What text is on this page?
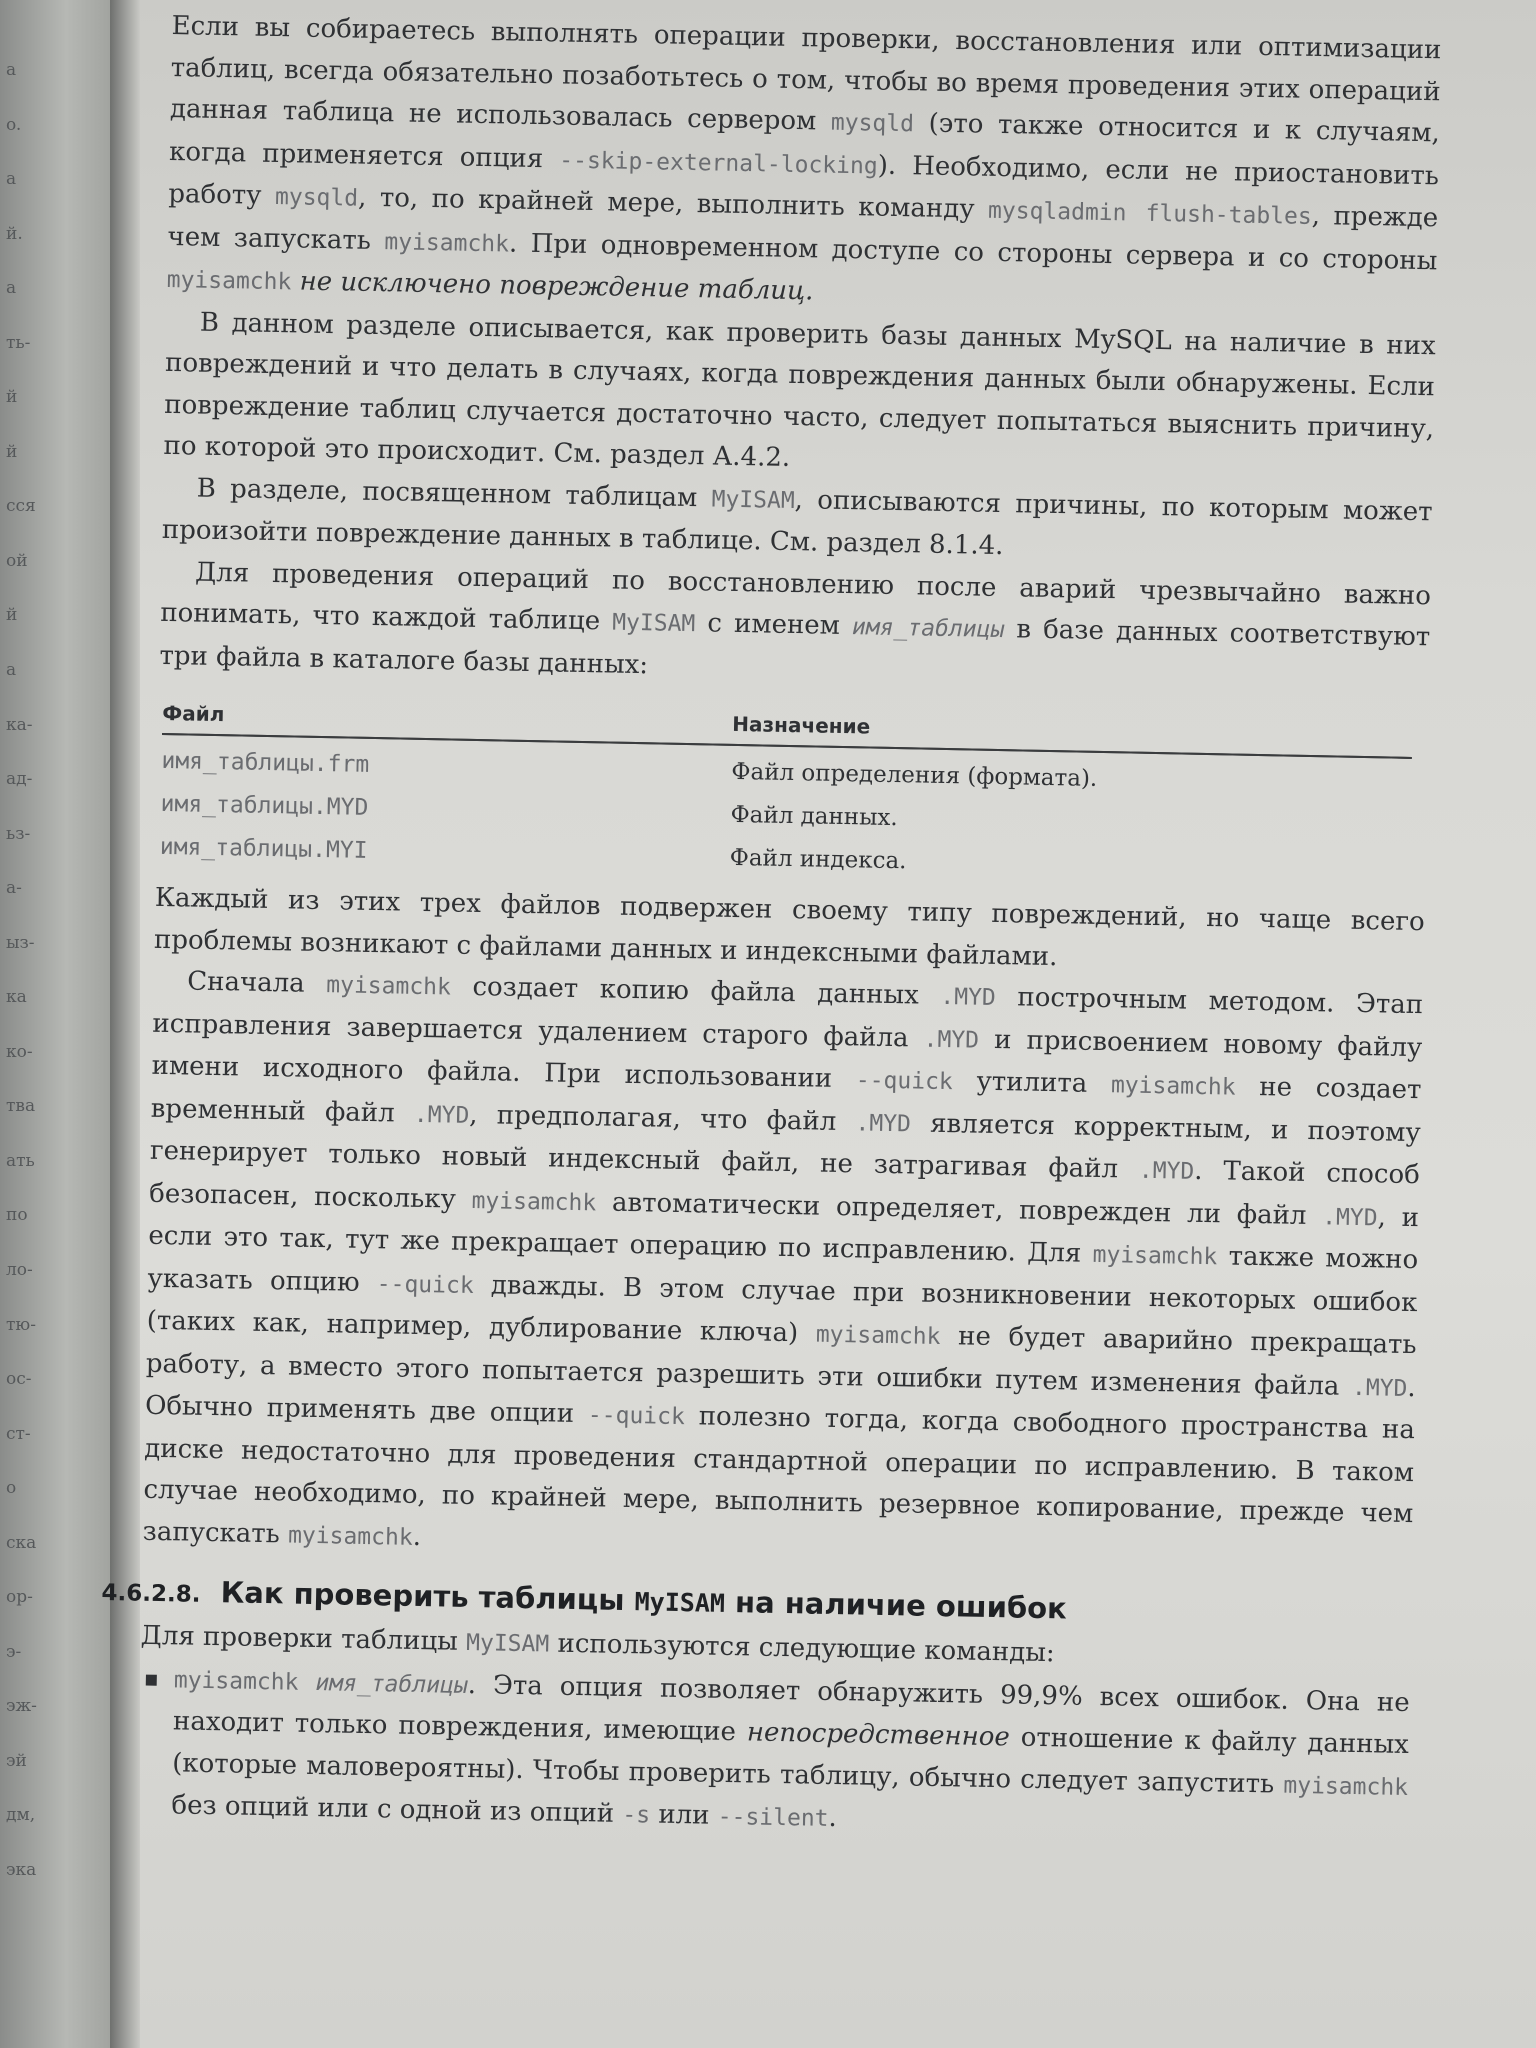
a
o.
a
й.
a
ть-
й
й
сся
ой
й
а
ка-
ад-
ьз-
а-
ыз-
ка
ко-
тва
ать
по
ло-
тю-
ос-
ст-
о
ска
ор-
э-
эж-
эй
дм,
эка

Если вы собираетесь выполнять операции проверки, восстановления или оптимизации таблиц, всегда обязательно позаботьтесь о том, чтобы во время проведения этих операций данная таблица не использовалась сервером mysqld (это также относится и к случаям, когда применяется опция --skip-external-locking). Необходимо, если не приостановить работу mysqld, то, по крайней мере, выполнить команду mysqladmin flush-tables, прежде чем запускать myisamchk. При одновременном доступе со стороны сервера и со стороны myisamchk не исключено повреждение таблиц.

В данном разделе описывается, как проверить базы данных MySQL на наличие в них повреждений и что делать в случаях, когда повреждения данных были обнаружены. Если повреждение таблиц случается достаточно часто, следует попытаться выяснить причину, по которой это происходит. См. раздел А.4.2.

В разделе, посвященном таблицам MyISAM, описываются причины, по которым может произойти повреждение данных в таблице. См. раздел 8.1.4.

Для проведения операций по восстановлению после аварий чрезвычайно важно понимать, что каждой таблице MyISAM с именем имя_таблицы в базе данных соответствуют три файла в каталоге базы данных:

Файл	Назначение
имя_таблицы.frm	Файл определения (формата).
имя_таблицы.MYD	Файл данных.
имя_таблицы.MYI	Файл индекса.

Каждый из этих трех файлов подвержен своему типу повреждений, но чаще всего проблемы возникают с файлами данных и индексными файлами.

Сначала myisamchk создает копию файла данных .MYD построчным методом. Этап исправления завершается удалением старого файла .MYD и присвоением новому файлу имени исходного файла. При использовании --quick утилита myisamchk не создает временный файл .MYD, предполагая, что файл .MYD является корректным, и поэтому генерирует только новый индексный файл, не затрагивая файл .MYD. Такой способ безопасен, поскольку myisamchk автоматически определяет, поврежден ли файл .MYD, и если это так, тут же прекращает операцию по исправлению. Для myisamchk также можно указать опцию --quick дважды. В этом случае при возникновении некоторых ошибок (таких как, например, дублирование ключа) myisamchk не будет аварийно прекращать работу, а вместо этого попытается разрешить эти ошибки путем изменения файла .MYD. Обычно применять две опции --quick полезно тогда, когда свободного пространства на диске недостаточно для проведения стандартной операции по исправлению. В таком случае необходимо, по крайней мере, выполнить резервное копирование, прежде чем запускать myisamchk.

4.6.2.8. Как проверить таблицы MyISAM на наличие ошибок

Для проверки таблицы MyISAM используются следующие команды:

▪ myisamchk имя_таблицы. Эта опция позволяет обнаружить 99,9% всех ошибок. Она не находит только повреждения, имеющие непосредственное отношение к файлу данных (которые маловероятны). Чтобы проверить таблицу, обычно следует запустить myisamchk без опций или с одной из опций -s или --silent.
